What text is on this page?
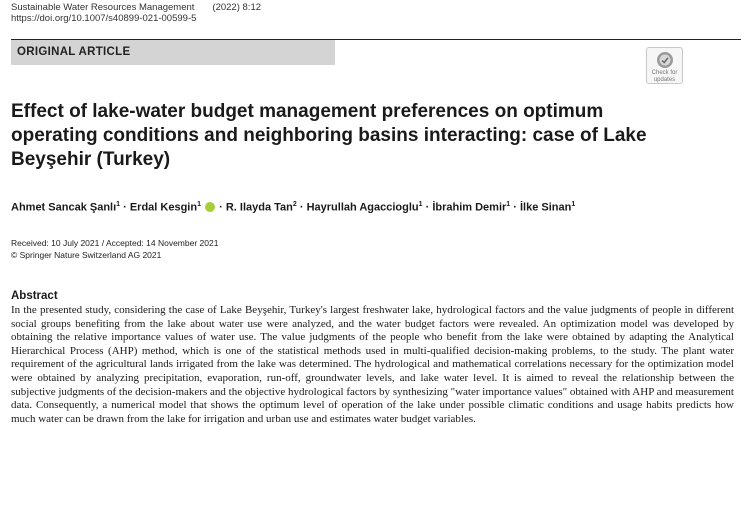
Sustainable Water Resources Management (2022) 8:12
https://doi.org/10.1007/s40899-021-00599-5
ORIGINAL ARTICLE
Check for
updates
Effect of lake-water budget management preferences on optimum operating conditions and neighboring basins interacting: case of Lake Beyşehir (Turkey)
Ahmet Sancak Şanlı$^1$ · Erdal Kesgin$^1$  · R. Ilayda Tan$^2$ · Hayrullah Agaccioglu$^1$ · İbrahim Demir$^1$ · İlke Sinan$^1$
Received: 10 July 2021 / Accepted: 14 November 2021
© Springer Nature Switzerland AG 2021
Abstract

In the presented study, considering the case of Lake Beyşehir, Turkey's largest freshwater lake, hydrological factors and the value judgments of people in different social groups benefiting from the lake about water use were analyzed, and the water budget factors were revealed. An optimization model was developed by obtaining the relative importance values of water use. The value judgments of the people who benefit from the lake were obtained by adapting the Analytical Hierarchical Process (AHP) method, which is one of the statistical methods used in multi-qualified decision-making problems, to the study. The plant water requirement of the agricultural lands irrigated from the lake was determined. The hydrological and mathematical correlations necessary for the optimization model were obtained by analyzing precipitation, evaporation, run-off, groundwater levels, and lake water level. It is aimed to reveal the relationship between the subjective judgments of the decision-makers and the objective hydrological factors by synthesizing "water importance values" obtained with AHP and measurement data. Consequently, a numerical model that shows the optimum level of operation of the lake under possible climatic conditions and usage habits predicts how much water can be drawn from the lake for irrigation and urban use and estimates water budget variables.
